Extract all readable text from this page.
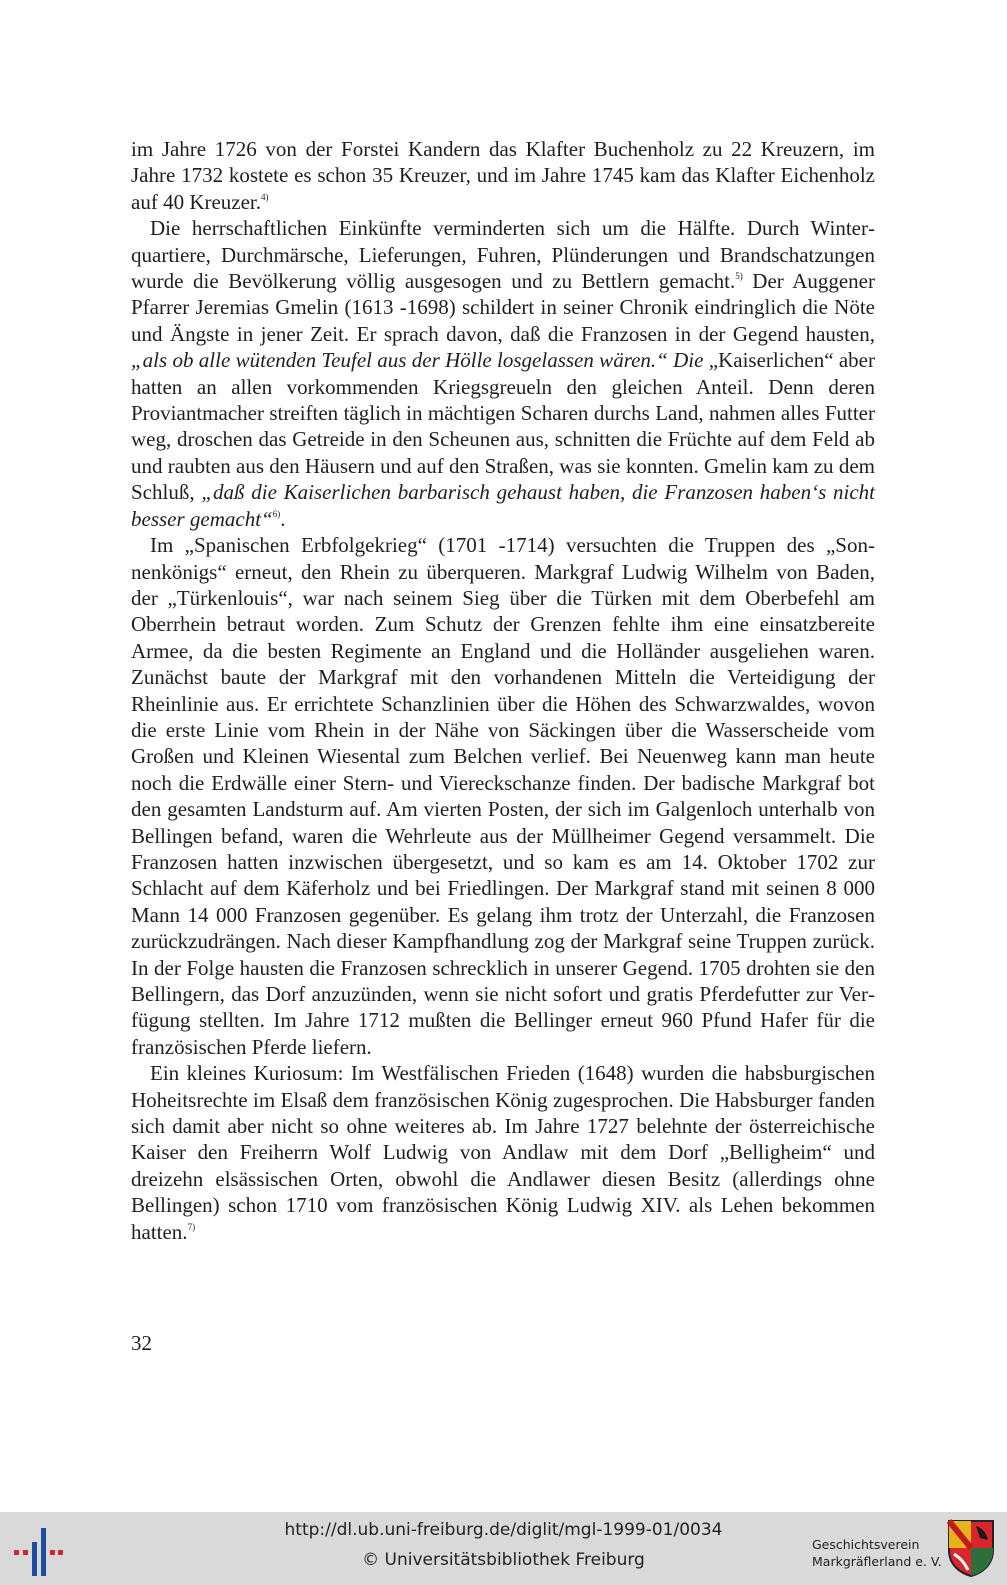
im Jahre 1726 von der Forstei Kandern das Klafter Buchenholz zu 22 Kreuzern, im Jahre 1732 kostete es schon 35 Kreuzer, und im Jahre 1745 kam das Klafter Eichenholz auf 40 Kreuzer.$^{4)}$

Die herrschaftlichen Einkünfte verminderten sich um die Hälfte. Durch Winterquartiere, Durchmärsche, Lieferungen, Fuhren, Plünderungen und Brandschatzungen wurde die Bevölkerung völlig ausgesogen und zu Bettlern gemacht.$^{5)}$ Der Auggener Pfarrer Jeremias Gmelin (1613 -1698) schildert in seiner Chronik eindringlich die Nöte und Ängste in jener Zeit. Er sprach davon, daß die Franzosen in der Gegend hausten, „als ob alle wütenden Teufel aus der Hölle losgelassen wären.“ Die „Kaiserlichen“ aber hatten an allen vorkommenden Kriegsgreueln den gleichen Anteil. Denn deren Proviantmacher streiften täglich in mächtigen Scharen durchs Land, nahmen alles Futter weg, droschen das Getreide in den Scheunen aus, schnitten die Früchte auf dem Feld ab und raubten aus den Häusern und auf den Straßen, was sie konnten. Gmelin kam zu dem Schluß, „daß die Kaiserlichen barbarisch gehaust haben, die Franzosen haben‘s nicht besser gemacht“$^{6)}$.

Im „Spanischen Erbfolgekrieg“ (1701 -1714) versuchten die Truppen des „Sonnenkönigs“ erneut, den Rhein zu überqueren. Markgraf Ludwig Wilhelm von Baden, der „Türkenlouis“, war nach seinem Sieg über die Türken mit dem Oberbefehl am Oberrhein betraut worden. Zum Schutz der Grenzen fehlte ihm eine einsatzbereite Armee, da die besten Regimente an England und die Holländer ausgeliehen waren. Zunächst baute der Markgraf mit den vorhandenen Mitteln die Verteidigung der Rheinlinie aus. Er errichtete Schanzlinien über die Höhen des Schwarzwaldes, wovon die erste Linie vom Rhein in der Nähe von Säckingen über die Wasserscheide vom Großen und Kleinen Wiesental zum Belchen verlief. Bei Neuenweg kann man heute noch die Erdwälle einer Stern- und Viereckschanze finden. Der badische Markgraf bot den gesamten Landsturm auf. Am vierten Posten, der sich im Galgenloch unterhalb von Bellingen befand, waren die Wehrleute aus der Müllheimer Gegend versammelt. Die Franzosen hatten inzwischen übergesetzt, und so kam es am 14. Oktober 1702 zur Schlacht auf dem Käferholz und bei Friedlingen. Der Markgraf stand mit seinen 8 000 Mann 14 000 Franzosen gegenüber. Es gelang ihm trotz der Unterzahl, die Franzosen zurückzudrängen. Nach dieser Kampfhandlung zog der Markgraf seine Truppen zurück. In der Folge hausten die Franzosen schrecklich in unserer Gegend. 1705 drohten sie den Bellingern, das Dorf anzuzünden, wenn sie nicht sofort und gratis Pferdefutter zur Verfügung stellten. Im Jahre 1712 mußten die Bellinger erneut 960 Pfund Hafer für die französischen Pferde liefern.

Ein kleines Kuriosum: Im Westfälischen Frieden (1648) wurden die habsburgischen Hoheitsrechte im Elsaß dem französischen König zugesprochen. Die Habsburger fanden sich damit aber nicht so ohne weiteres ab. Im Jahre 1727 belehnte der österreichische Kaiser den Freiherrn Wolf Ludwig von Andlaw mit dem Dorf „Belligheim“ und dreizehn elsässischen Orten, obwohl die Andlawer diesen Besitz (allerdings ohne Bellingen) schon 1710 vom französischen König Ludwig XIV. als Lehen bekommen hatten.$^{7)}$

32
http://dl.ub.uni-freiburg.de/diglit/mgl-1999-01/0034
© Universitätsbibliothek Freiburg
Geschichtsverein
Markgräflerland e. V.
